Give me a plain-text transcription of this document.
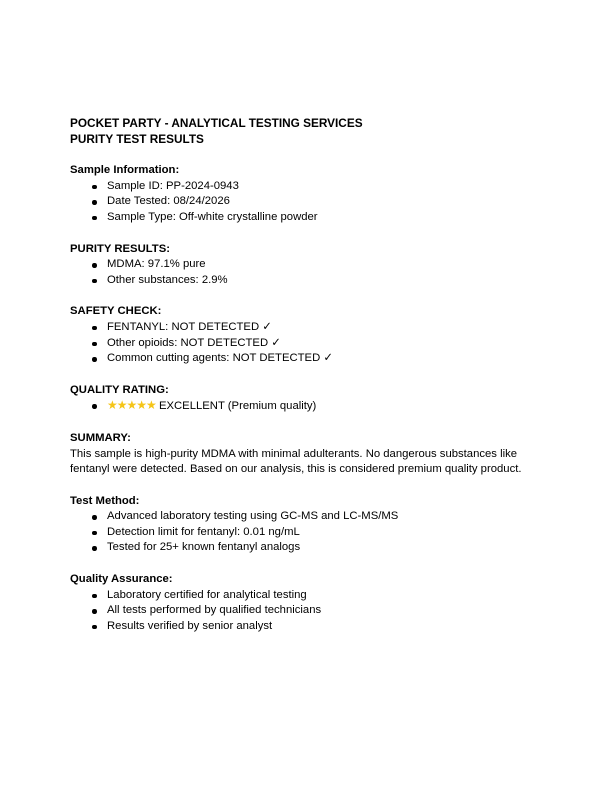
POCKET PARTY - ANALYTICAL TESTING SERVICES
PURITY TEST RESULTS
Sample Information:
Sample ID: PP-2024-0943
Date Tested: 08/24/2026
Sample Type: Off-white crystalline powder
PURITY RESULTS:
MDMA: 97.1% pure
Other substances: 2.9%
SAFETY CHECK:
FENTANYL: NOT DETECTED ✓
Other opioids: NOT DETECTED ✓
Common cutting agents: NOT DETECTED ✓
QUALITY RATING:
★★★★★ EXCELLENT (Premium quality)
SUMMARY:

This sample is high-purity MDMA with minimal adulterants. No dangerous substances like fentanyl were detected. Based on our analysis, this is considered premium quality product.

Test Method:
Advanced laboratory testing using GC-MS and LC-MS/MS
Detection limit for fentanyl: 0.01 ng/mL
Tested for 25+ known fentanyl analogs
Quality Assurance:
Laboratory certified for analytical testing
All tests performed by qualified technicians
Results verified by senior analyst
